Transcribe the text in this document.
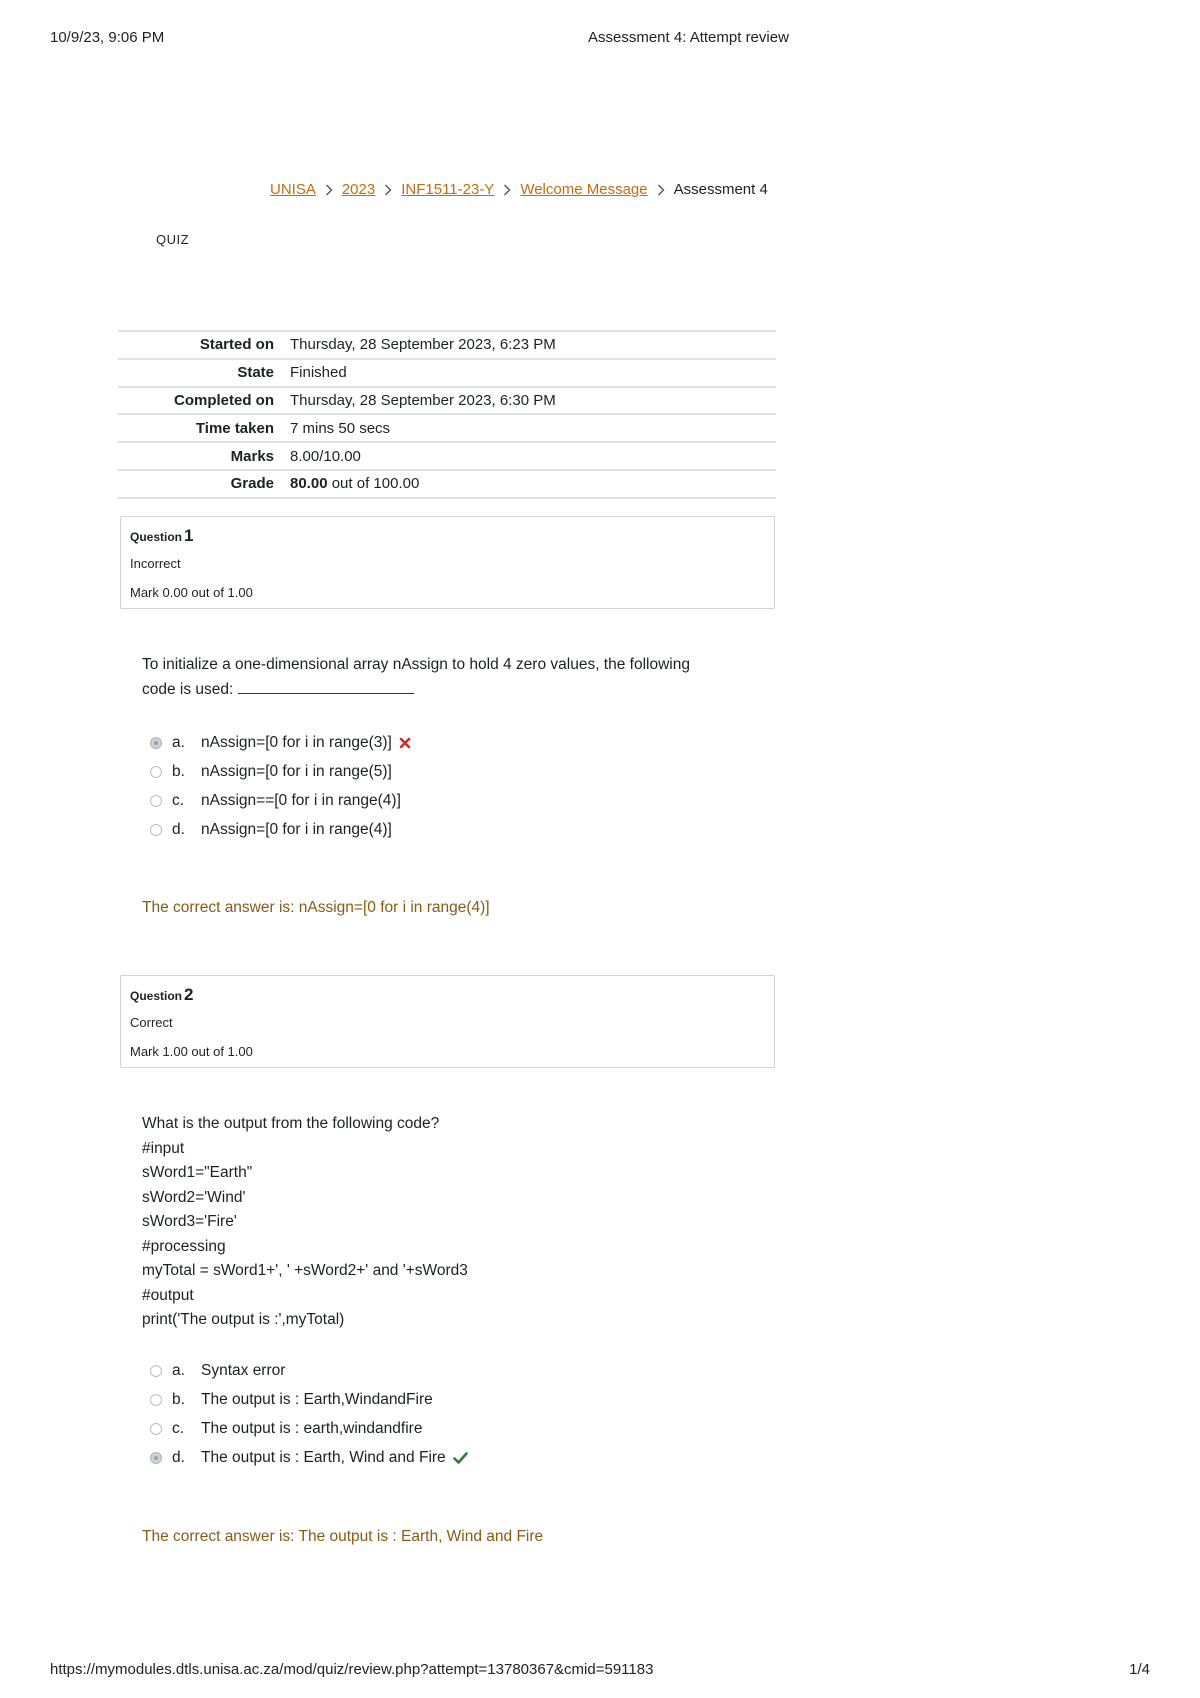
10/9/23, 9:06 PM	Assessment 4: Attempt review
UNISA 2023 INF1511-23-Y Welcome Message Assessment 4
QUIZ
Started on	Thursday, 28 September 2023, 6:23 PM
State	Finished
Completed on	Thursday, 28 September 2023, 6:30 PM
Time taken	7 mins 50 secs
Marks	8.00/10.00
Grade	80.00 out of 100.00
Question 1
Incorrect
Mark 0.00 out of 1.00
To initialize a one-dimensional array nAssign to hold 4 zero values, the following
code is used:
a.	nAssign=[0 for i in range(3)]
b.	nAssign=[0 for i in range(5)]
c.	nAssign==[0 for i in range(4)]
d.	nAssign=[0 for i in range(4)]
The correct answer is: nAssign=[0 for i in range(4)]
Question 2
Correct
Mark 1.00 out of 1.00
What is the output from the following code?
#input
sWord1="Earth"
sWord2='Wind'
sWord3='Fire'
#processing
myTotal = sWord1+', ' +sWord2+' and '+sWord3
#output
print('The output is :',myTotal)
a.	Syntax error
b.	The output is : Earth,WindandFire
c.	The output is : earth,windandfire
d.	The output is : Earth, Wind and Fire
The correct answer is: The output is : Earth, Wind and Fire
https://mymodules.dtls.unisa.ac.za/mod/quiz/review.php?attempt=13780367&cmid=591183	1/4
